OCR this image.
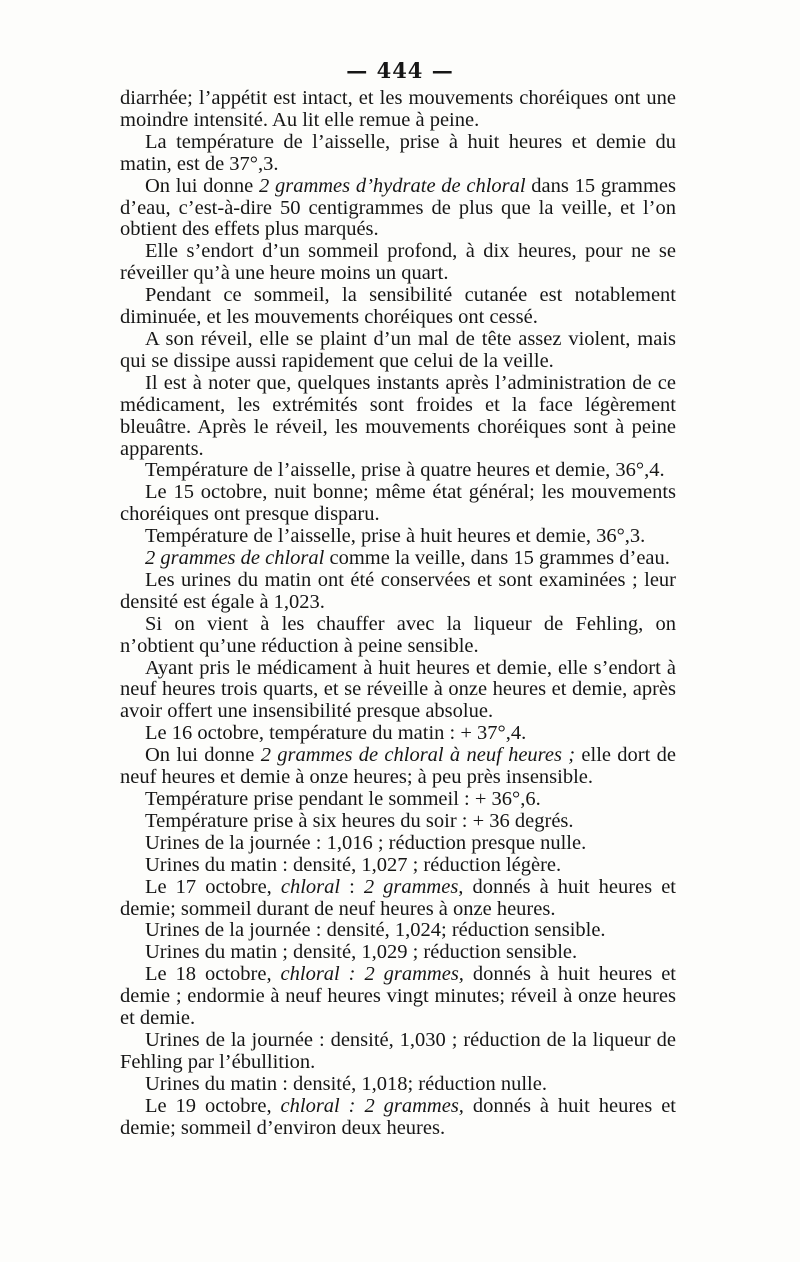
— 444 —

diarrhée; l’appétit est intact, et les mouvements choréiques ont une moindre intensité. Au lit elle remue à peine.

La température de l’aisselle, prise à huit heures et demie du matin, est de 37°,3.

On lui donne 2 grammes d’hydrate de chloral dans 15 grammes d’eau, c’est-à-dire 50 centigrammes de plus que la veille, et l’on obtient des effets plus marqués.

Elle s’endort d’un sommeil profond, à dix heures, pour ne se réveiller qu’à une heure moins un quart.

Pendant ce sommeil, la sensibilité cutanée est notablement diminuée, et les mouvements choréiques ont cessé.

A son réveil, elle se plaint d’un mal de tête assez violent, mais qui se dissipe aussi rapidement que celui de la veille.

Il est à noter que, quelques instants après l’administration de ce médicament, les extrémités sont froides et la face légèrement bleuâtre. Après le réveil, les mouvements choréiques sont à peine apparents.

Température de l’aisselle, prise à quatre heures et demie, 36°,4.

Le 15 octobre, nuit bonne; même état général; les mouvements choréiques ont presque disparu.

Température de l’aisselle, prise à huit heures et demie, 36°,3.

2 grammes de chloral comme la veille, dans 15 grammes d’eau.

Les urines du matin ont été conservées et sont examinées ; leur densité est égale à 1,023.

Si on vient à les chauffer avec la liqueur de Fehling, on n’obtient qu’une réduction à peine sensible.

Ayant pris le médicament à huit heures et demie, elle s’endort à neuf heures trois quarts, et se réveille à onze heures et demie, après avoir offert une insensibilité presque absolue.

Le 16 octobre, température du matin : + 37°,4.

On lui donne 2 grammes de chloral à neuf heures ; elle dort de neuf heures et demie à onze heures; à peu près insensible.

Température prise pendant le sommeil : + 36°,6.

Température prise à six heures du soir : + 36 degrés.

Urines de la journée : 1,016 ; réduction presque nulle.

Urines du matin : densité, 1,027 ; réduction légère.

Le 17 octobre, chloral : 2 grammes, donnés à huit heures et demie; sommeil durant de neuf heures à onze heures.

Urines de la journée : densité, 1,024; réduction sensible.

Urines du matin ; densité, 1,029 ; réduction sensible.

Le 18 octobre, chloral : 2 grammes, donnés à huit heures et demie ; endormie à neuf heures vingt minutes; réveil à onze heures et demie.

Urines de la journée : densité, 1,030 ; réduction de la liqueur de Fehling par l’ébullition.

Urines du matin : densité, 1,018; réduction nulle.

Le 19 octobre, chloral : 2 grammes, donnés à huit heures et demie; sommeil d’environ deux heures.
